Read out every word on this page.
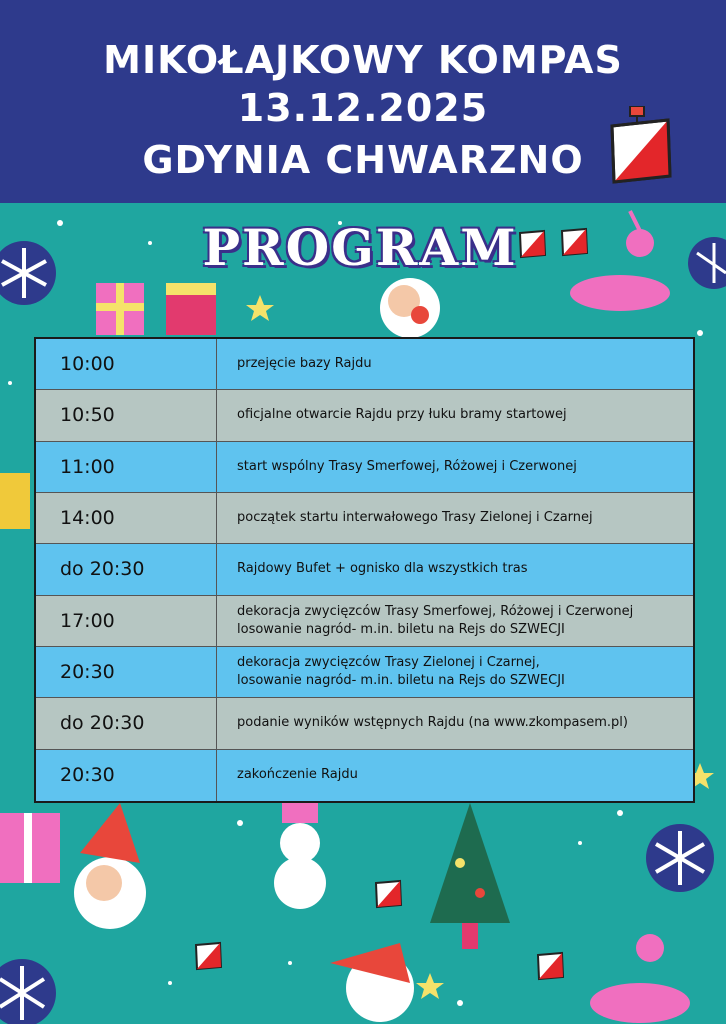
MIKOŁAJKOWY KOMPAS
13.12.2025
GDYNIA CHWARZNO
PROGRAM
10:00	przejęcie bazy Rajdu
10:50	oficjalne otwarcie Rajdu przy łuku bramy startowej
11:00	start wspólny Trasy Smerfowej, Różowej i Czerwonej
14:00	początek startu interwałowego Trasy Zielonej i Czarnej
do 20:30	Rajdowy Bufet + ognisko dla wszystkich tras
17:00	dekoracja zwycięzców Trasy Smerfowej, Różowej i Czerwonej
losowanie nagród- m.in. biletu na Rejs do SZWECJI
20:30	dekoracja zwycięzców Trasy Zielonej i Czarnej,
losowanie nagród- m.in. biletu na Rejs do SZWECJI
do 20:30	podanie wyników wstępnych Rajdu (na www.zkompasem.pl)
20:30	zakończenie Rajdu
